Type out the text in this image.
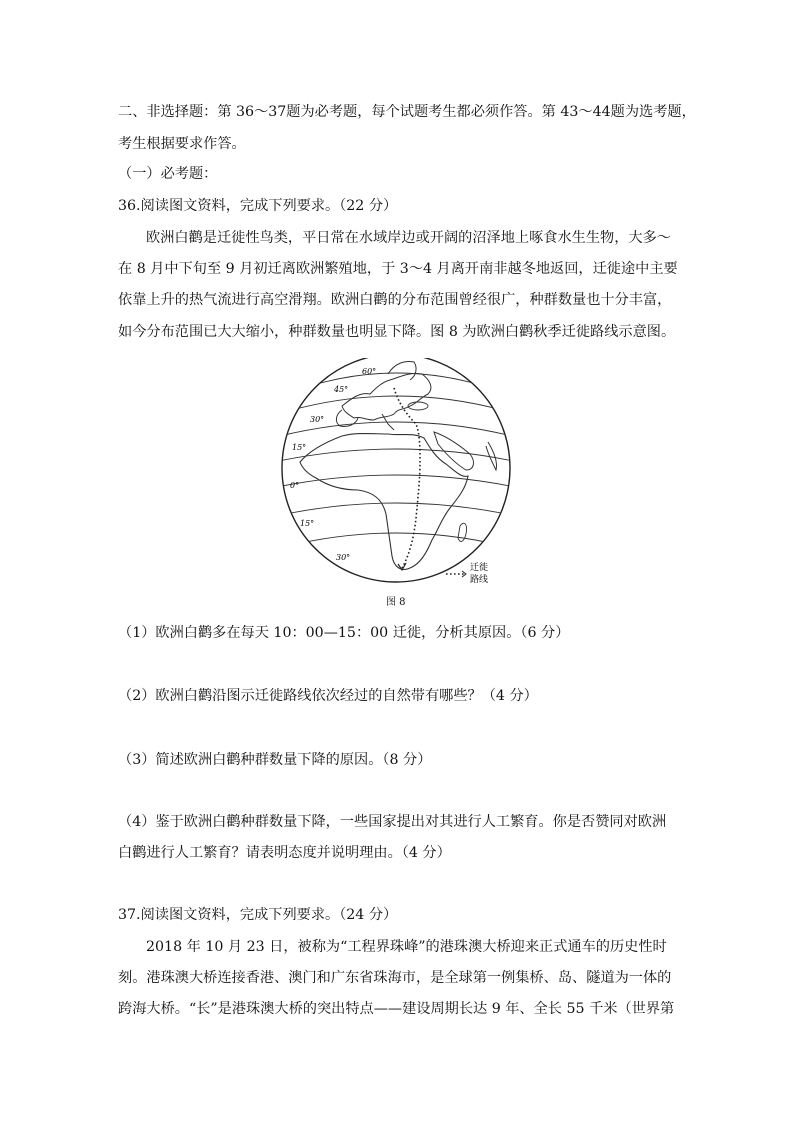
二、非选择题：第 36～37题为必考题，每个试题考生都必须作答。第 43～44题为选考题，
考生根据要求作答。
（一）必考题：
36.阅读图文资料，完成下列要求。（22 分）
欧洲白鹳是迁徙性鸟类，平日常在水域岸边或开阔的沼泽地上啄食水生生物，大多～
在 8 月中下旬至 9 月初迁离欧洲繁殖地，于 3～4 月离开南非越冬地返回，迁徙途中主要
依靠上升的热气流进行高空滑翔。欧洲白鹳的分布范围曾经很广，种群数量也十分丰富，
如今分布范围已大大缩小，种群数量也明显下降。图 8 为欧洲白鹳秋季迁徙路线示意图。
60°
45°
30°
15°
0°
15°
30°
迁徙
路线
图 8
（1）欧洲白鹳多在每天 10：00—15：00 迁徙，分析其原因。（6 分）
（2）欧洲白鹳沿图示迁徙路线依次经过的自然带有哪些？（4 分）
（3）简述欧洲白鹳种群数量下降的原因。（8 分）
（4）鉴于欧洲白鹳种群数量下降，一些国家提出对其进行人工繁育。你是否赞同对欧洲
白鹳进行人工繁育？请表明态度并说明理由。（4 分）
37.阅读图文资料，完成下列要求。（24 分）
2018 年 10 月 23 日，被称为“工程界珠峰”的港珠澳大桥迎来正式通车的历史性时
刻。港珠澳大桥连接香港、澳门和广东省珠海市，是全球第一例集桥、岛、隧道为一体的
跨海大桥。“长”是港珠澳大桥的突出特点——建设周期长达 9 年、全长 55 千米（世界第
